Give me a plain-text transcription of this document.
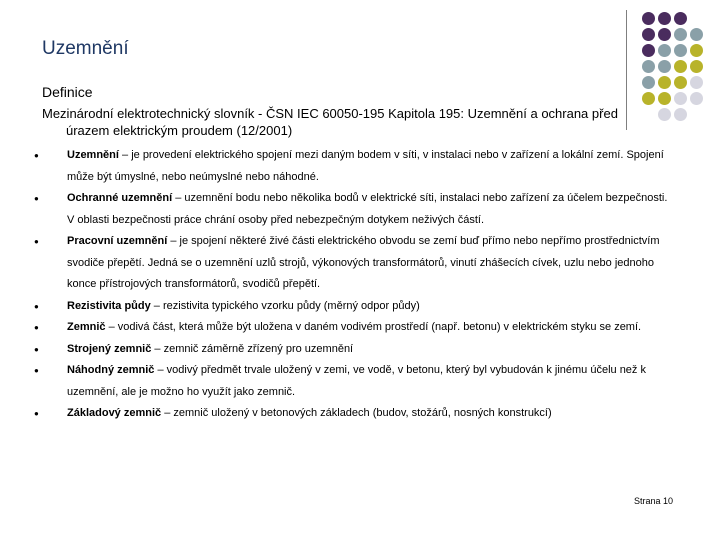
Uzemnění
Definice
Mezinárodní elektrotechnický slovník - ČSN IEC 60050-195 Kapitola 195: Uzemnění a ochrana před
úrazem elektrickým proudem (12/2001)
●	Uzemnění – je provedení elektrického spojení mezi daným bodem v síti, v instalaci nebo v zařízení a lokální zemí. Spojení může být úmyslné, nebo neúmyslné nebo náhodné.
●	Ochranné uzemnění – uzemnění bodu nebo několika bodů v elektrické síti, instalaci nebo zařízení za účelem bezpečnosti. V oblasti bezpečnosti práce chrání osoby před nebezpečným dotykem neživých částí.
●	Pracovní uzemnění – je spojení některé živé části elektrického obvodu se zemí buď přímo nebo nepřímo prostřednictvím svodiče přepětí. Jedná se o uzemnění uzlů strojů, výkonových transformátorů, vinutí zhášecích cívek, uzlu nebo jednoho konce přístrojových transformátorů, svodičů přepětí.
●	Rezistivita půdy – rezistivita typického vzorku půdy (měrný odpor půdy)
●	Zemnič – vodivá část, která může být uložena v daném vodivém prostředí (např. betonu) v elektrickém styku se zemí.
●	Strojený zemnič – zemnič záměrně zřízený pro uzemnění
●	Náhodný zemnič – vodivý předmět trvale uložený v zemi, ve vodě, v betonu, který byl vybudován k jinému účelu než k uzemnění, ale je možno ho využít jako zemnič.
●	Základový zemnič – zemnič uložený v betonových základech (budov, stožárů, nosných konstrukcí)
Strana 10
